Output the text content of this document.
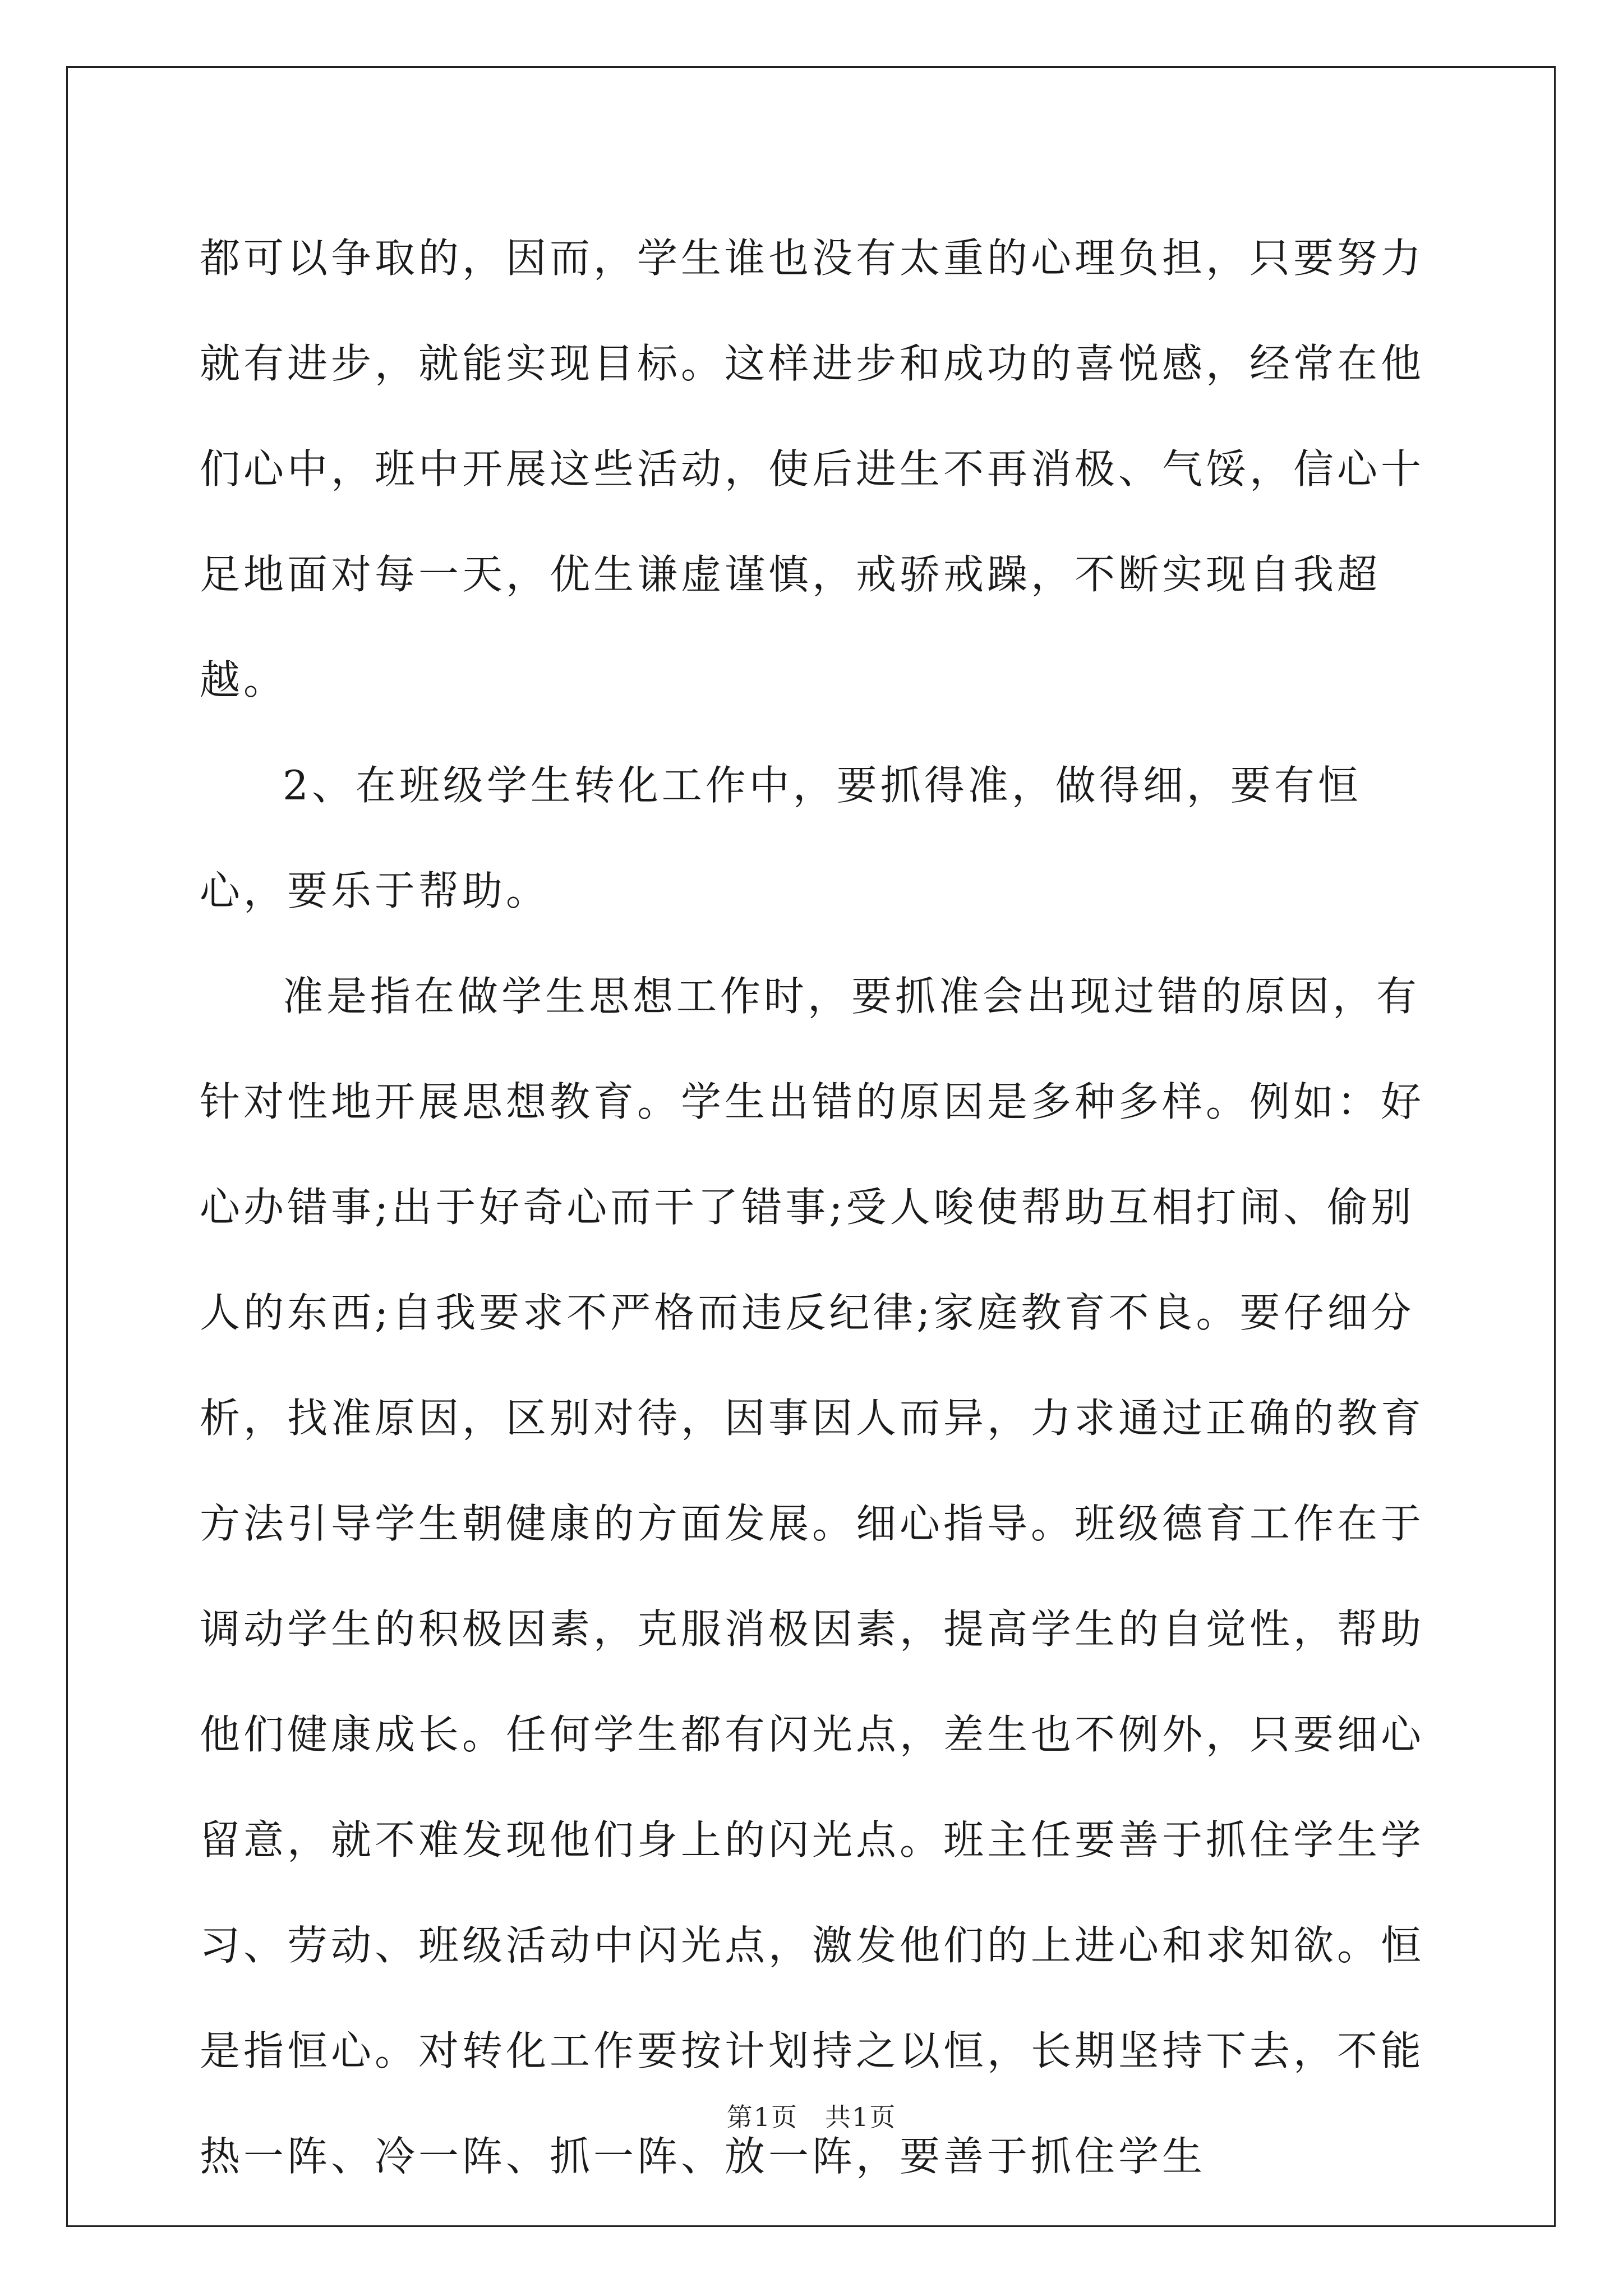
都可以争取的，因而，学生谁也没有太重的心理负担，只要努力就有进步，就能实现目标。这样进步和成功的喜悦感，经常在他们心中，班中开展这些活动，使后进生不再消极、气馁，信心十足地面对每一天，优生谦虚谨慎，戒骄戒躁，不断实现自我超越。

2、在班级学生转化工作中，要抓得准，做得细，要有恒心，要乐于帮助。

准是指在做学生思想工作时，要抓准会出现过错的原因，有针对性地开展思想教育。学生出错的原因是多种多样。例如：好心办错事;出于好奇心而干了错事;受人唆使帮助互相打闹、偷别人的东西;自我要求不严格而违反纪律;家庭教育不良。要仔细分析，找准原因，区别对待，因事因人而异，力求通过正确的教育方法引导学生朝健康的方面发展。细心指导。班级德育工作在于调动学生的积极因素，克服消极因素，提高学生的自觉性，帮助他们健康成长。任何学生都有闪光点，差生也不例外，只要细心留意，就不难发现他们身上的闪光点。班主任要善于抓住学生学习、劳动、班级活动中闪光点，激发他们的上进心和求知欲。恒是指恒心。对转化工作要按计划持之以恒，长期坚持下去，不能热一阵、冷一阵、抓一阵、放一阵，要善于抓住学生

第1页 共1页
